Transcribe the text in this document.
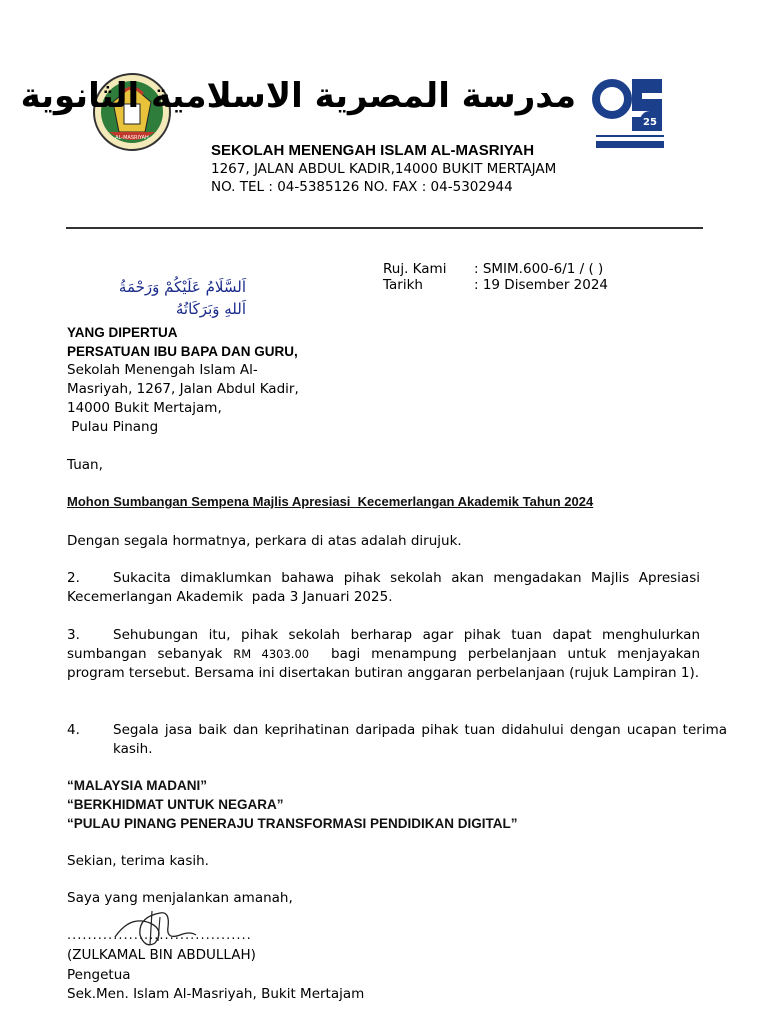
AL-MASRIYAH
مدرسة المصرية الاسلامية الثانوية
25
SEKOLAH MENENGAH ISLAM AL-MASRIYAH
1267, JALAN ABDUL KADIR,14000 BUKIT MERTAJAM NO. TEL : 04-5385126 NO. FAX : 04-5302944
اَلسَّلَامُ عَلَيْكُمْ وَرَحْمَةُ اَللهِ وَبَرَكَاتُهُ
Ruj. Kami	: SMIM.600-6/1 / ( )
Tarikh	: 19 Disember 2024
YANG DIPERTUA
PERSATUAN IBU BAPA DAN GURU,
Sekolah Menengah Islam Al-
Masriyah, 1267, Jalan Abdul Kadir,
14000 Bukit Mertajam,
Pulau Pinang
Tuan,
Mohon Sumbangan Sempena Majlis Apresiasi  Kecemerlangan Akademik Tahun 2024
Dengan segala hormatnya, perkara di atas adalah dirujuk.
2. Sukacita dimaklumkan bahawa pihak sekolah akan mengadakan Majlis Apresiasi Kecemerlangan Akademik  pada 3 Januari 2025.
3. Sehubungan itu, pihak sekolah berharap agar pihak tuan dapat menghulurkan sumbangan sebanyak RM 4303.00  bagi menampung perbelanjaan untuk menjayakan program tersebut. Bersama ini disertakan butiran anggaran perbelanjaan (rujuk Lampiran 1).
4.	Segala jasa baik dan keprihatinan daripada pihak tuan didahului dengan ucapan terima kasih.
“MALAYSIA MADANI”
“BERKHIDMAT UNTUK NEGARA”
“PULAU PINANG PENERAJU TRANSFORMASI PENDIDIKAN DIGITAL”
Sekian, terima kasih.
Saya yang menjalankan amanah,
....................................
(ZULKAMAL BIN ABDULLAH)
Pengetua
Sek.Men. Islam Al-Masriyah, Bukit Mertajam
